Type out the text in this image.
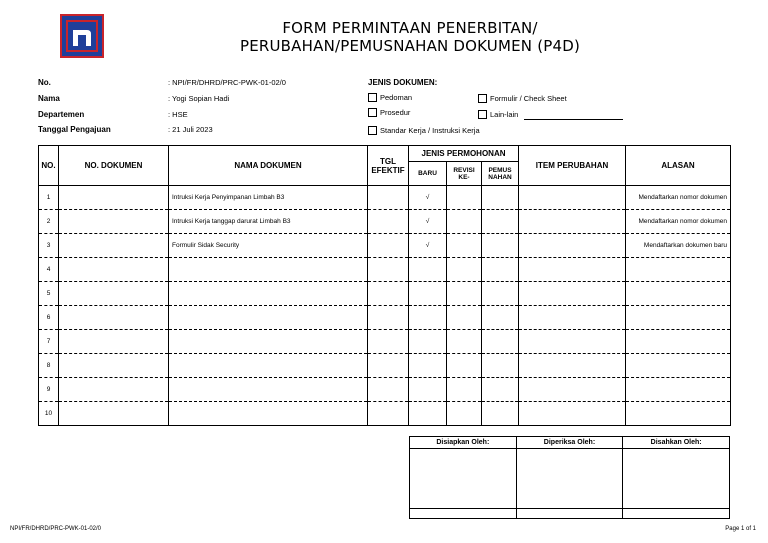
FORM PERMINTAAN PENERBITAN/
PERUBAHAN/PEMUSNAHAN DOKUMEN (P4D)
No.	: NPI/FR/DHRD/PRC-PWK-01-02/0
Nama	: Yogi Sopian Hadi
Departemen	: HSE
Tanggal Pengajuan	: 21 Juli 2023
JENIS DOKUMEN:
Pedoman
Prosedur
Standar Kerja / Instruksi Kerja
Formulir / Check Sheet
Lain-lain
NO.	NO. DOKUMEN	NAMA DOKUMEN	TGL EFEKTIF	JENIS PERMOHONAN			ITEM PERUBAHAN	ALASAN
				BARU	REVISI KE-	PEMUS NAHAN		
1		Intruksi Kerja Penyimpanan Limbah B3		√				Mendaftarkan nomor dokumen
2		Intruksi Kerja tanggap darurat Limbah B3		√				Mendaftarkan nomor dokumen
3		Formulir Sidak Security		√				Mendaftarkan dokumen baru
4								
5								
6								
7								
8								
9								
10								
Disiapkan Oleh:	Diperiksa Oleh:	Disahkan Oleh:

NPI/FR/DHRD/PRC-PWK-01-02/0	Page 1 of 1
